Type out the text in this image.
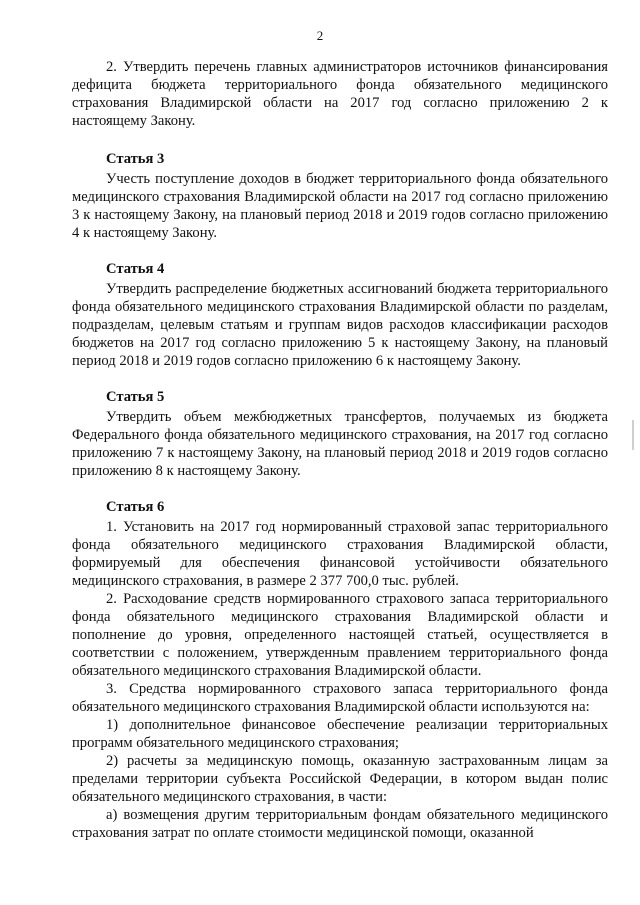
2

2. Утвердить перечень главных администраторов источников финансирования дефицита бюджета территориального фонда обязательного медицинского страхования Владимирской области на 2017 год согласно приложению 2 к настоящему Закону.

Статья 3

Учесть поступление доходов в бюджет территориального фонда обязательного медицинского страхования Владимирской области на 2017 год согласно приложению 3 к настоящему Закону, на плановый период 2018 и 2019 годов согласно приложению 4 к настоящему Закону.

Статья 4

Утвердить распределение бюджетных ассигнований бюджета территориального фонда обязательного медицинского страхования Владимирской области по разделам, подразделам, целевым статьям и группам видов расходов классификации расходов бюджетов на 2017 год согласно приложению 5 к настоящему Закону, на плановый период 2018 и 2019 годов согласно приложению 6 к настоящему Закону.

Статья 5

Утвердить объем межбюджетных трансфертов, получаемых из бюджета Федерального фонда обязательного медицинского страхования, на 2017 год согласно приложению 7 к настоящему Закону, на плановый период 2018 и 2019 годов согласно приложению 8 к настоящему Закону.

Статья 6

1. Установить на 2017 год нормированный страховой запас территориального фонда обязательного медицинского страхования Владимирской области, формируемый для обеспечения финансовой устойчивости обязательного медицинского страхования, в размере 2 377 700,0 тыс. рублей.

2. Расходование средств нормированного страхового запаса территориального фонда обязательного медицинского страхования Владимирской области и пополнение до уровня, определенного настоящей статьей, осуществляется в соответствии с положением, утвержденным правлением территориального фонда обязательного медицинского страхования Владимирской области.

3. Средства нормированного страхового запаса территориального фонда обязательного медицинского страхования Владимирской области используются на:

1) дополнительное финансовое обеспечение реализации территориальных программ обязательного медицинского страхования;

2) расчеты за медицинскую помощь, оказанную застрахованным лицам за пределами территории субъекта Российской Федерации, в котором выдан полис обязательного медицинского страхования, в части:

а) возмещения другим территориальным фондам обязательного медицинского страхования затрат по оплате стоимости медицинской помощи, оказанной
